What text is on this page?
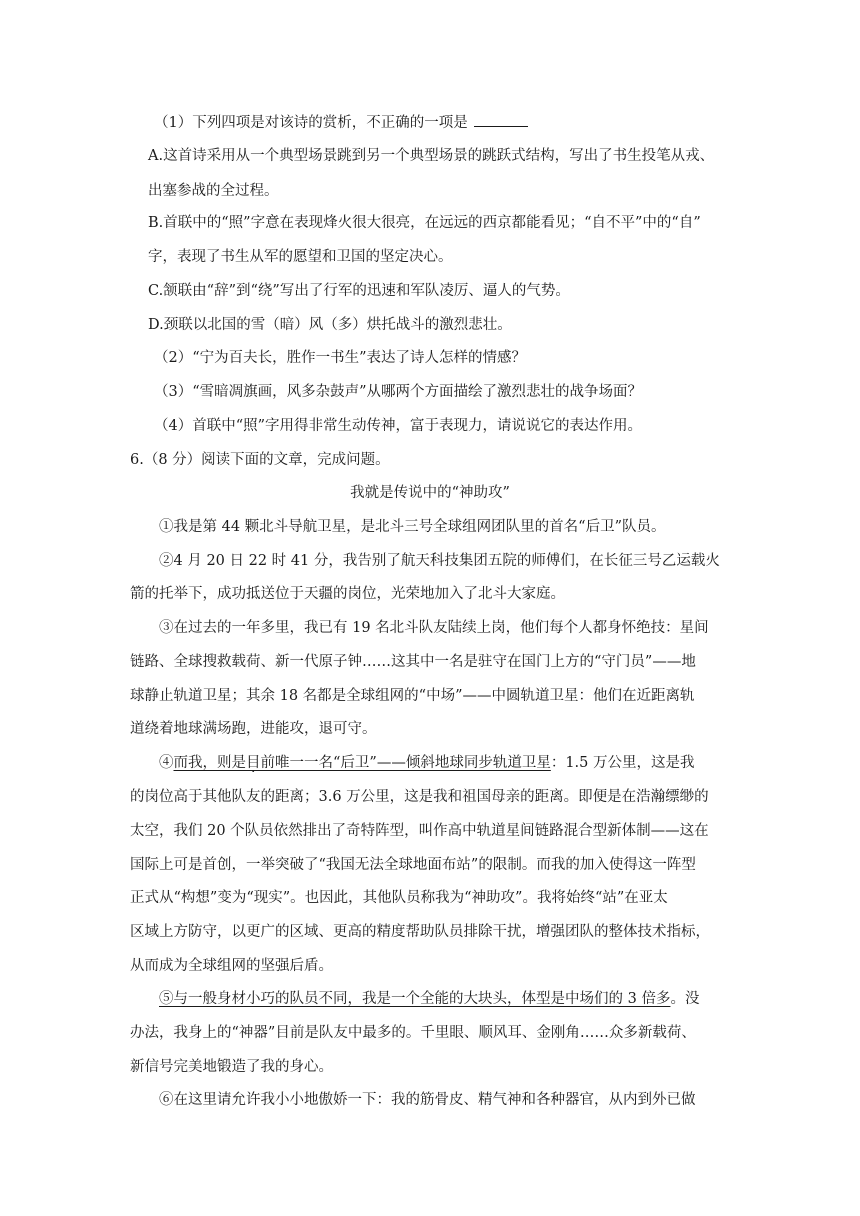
（1）下列四项是对该诗的赏析，不正确的一项是
A.这首诗采用从一个典型场景跳到另一个典型场景的跳跃式结构，写出了书生投笔从戎、
出塞参战的全过程。
B.首联中的“照”字意在表现烽火很大很亮，在远远的西京都能看见；“自不平”中的“自”
字，表现了书生从军的愿望和卫国的坚定决心。
C.颔联由“辞”到“绕”写出了行军的迅速和军队凌厉、逼人的气势。
D.颈联以北国的雪（暗）风（多）烘托战斗的激烈悲壮。
（2）“宁为百夫长，胜作一书生”表达了诗人怎样的情感？
（3）“雪暗凋旗画，风多杂鼓声”从哪两个方面描绘了激烈悲壮的战争场面？
（4）首联中“照”字用得非常生动传神，富于表现力，请说说它的表达作用。
6.（8 分）阅读下面的文章，完成问题。
我就是传说中的“神助攻”
①我是第 44 颗北斗导航卫星，是北斗三号全球组网团队里的首名“后卫”队员。
②4 月 20 日 22 时 41 分，我告别了航天科技集团五院的师傅们，在长征三号乙运载火
箭的托举下，成功抵送位于天疆的岗位，光荣地加入了北斗大家庭。
③在过去的一年多里，我已有 19 名北斗队友陆续上岗，他们每个人都身怀绝技：星间
链路、全球搜救载荷、新一代原子钟……这其中一名是驻守在国门上方的“守门员”——地
球静止轨道卫星；其余 18 名都是全球组网的“中场”——中圆轨道卫星：他们在近距离轨
道绕着地球满场跑，进能攻，退可守。
④而我，则是目前唯一一名“后卫”——倾斜地球同步轨道卫星：1.5 万公里，这是我
的岗位高于其他队友的距离；3.6 万公里，这是我和祖国母亲的距离。即便是在浩瀚缥缈的
太空，我们 20 个队员依然排出了奇特阵型，叫作高中轨道星间链路混合型新体制——这在
国际上可是首创，一举突破了“我国无法全球地面布站”的限制。而我的加入使得这一阵型
正式从“构想”变为“现实”。也因此，其他队员称我为“神助攻”。我将始终“站”在亚太
区域上方防守，以更广的区域、更高的精度帮助队员排除干扰，增强团队的整体技术指标，
从而成为全球组网的坚强后盾。
⑤与一般身材小巧的队员不同，我是一个全能的大块头，体型是中场们的 3 倍多。没
办法，我身上的“神器”目前是队友中最多的。千里眼、顺风耳、金刚角……众多新载荷、
新信号完美地锻造了我的身心。
⑥在这里请允许我小小地傲娇一下：我的筋骨皮、精气神和各种器官，从内到外已做
